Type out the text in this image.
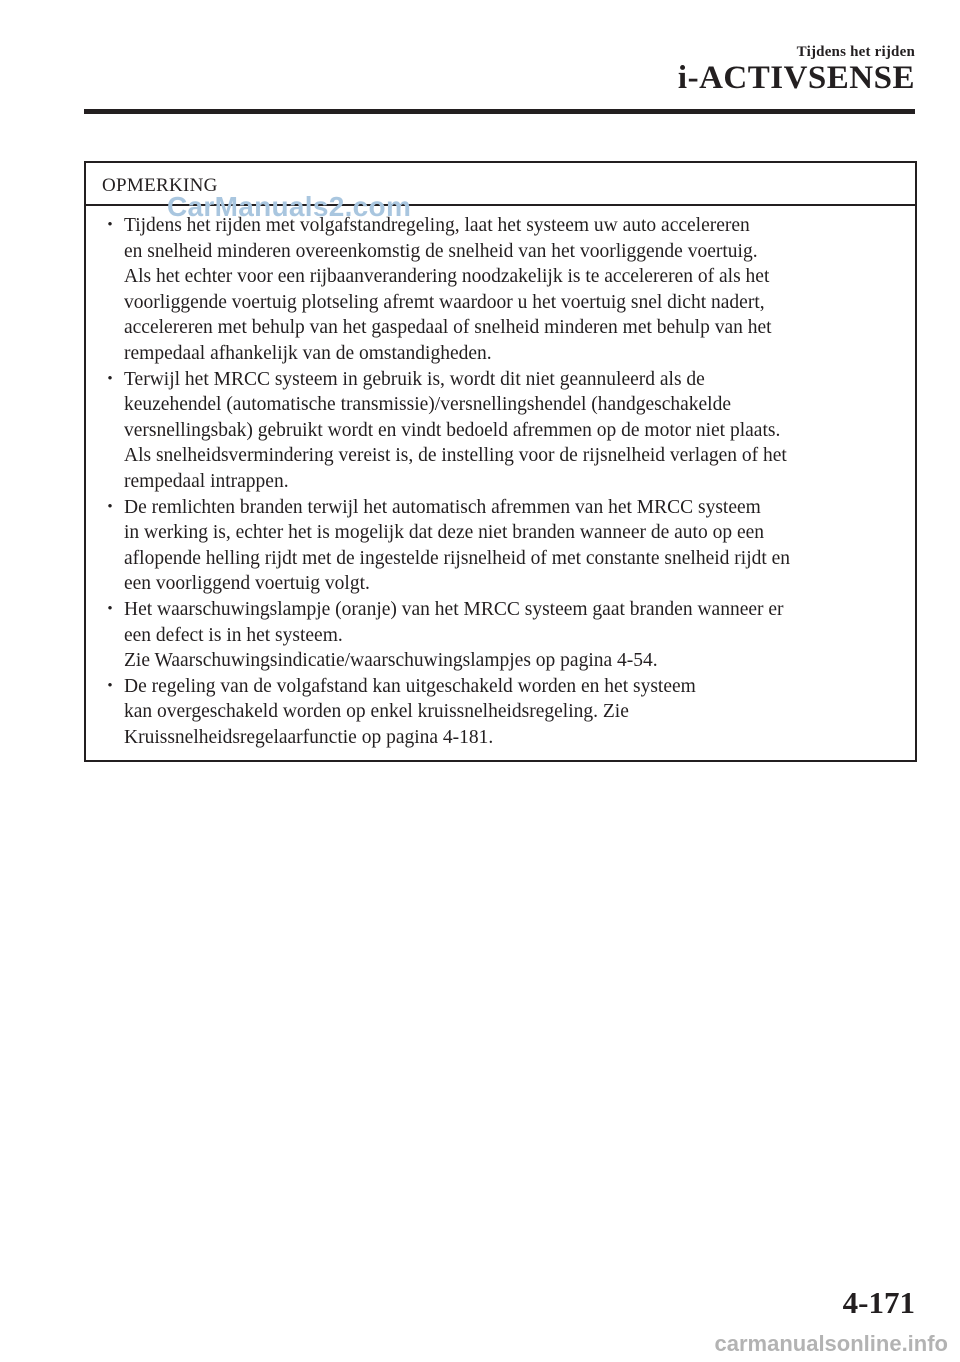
Tijdens het rijden
i-ACTIVSENSE
OPMERKING
• Tijdens het rijden met volgafstandregeling, laat het systeem uw auto accelereren
en snelheid minderen overeenkomstig de snelheid van het voorliggende voertuig.
Als het echter voor een rijbaanverandering noodzakelijk is te accelereren of als het
voorliggende voertuig plotseling afremt waardoor u het voertuig snel dicht nadert,
accelereren met behulp van het gaspedaal of snelheid minderen met behulp van het
rempedaal afhankelijk van de omstandigheden.
• Terwijl het MRCC systeem in gebruik is, wordt dit niet geannuleerd als de
keuzehendel (automatische transmissie)/versnellingshendel (handgeschakelde
versnellingsbak) gebruikt wordt en vindt bedoeld afremmen op de motor niet plaats.
Als snelheidsvermindering vereist is, de instelling voor de rijsnelheid verlagen of het
rempedaal intrappen.
• De remlichten branden terwijl het automatisch afremmen van het MRCC systeem
in werking is, echter het is mogelijk dat deze niet branden wanneer de auto op een
aflopende helling rijdt met de ingestelde rijsnelheid of met constante snelheid rijdt en
een voorliggend voertuig volgt.
• Het waarschuwingslampje (oranje) van het MRCC systeem gaat branden wanneer er
een defect is in het systeem.
Zie Waarschuwingsindicatie/waarschuwingslampjes op pagina 4-54.
• De regeling van de volgafstand kan uitgeschakeld worden en het systeem
kan overgeschakeld worden op enkel kruissnelheidsregeling. Zie
Kruissnelheidsregelaarfunctie op pagina 4-181.
CarManuals2.com
4-171
carmanualsonline.info
